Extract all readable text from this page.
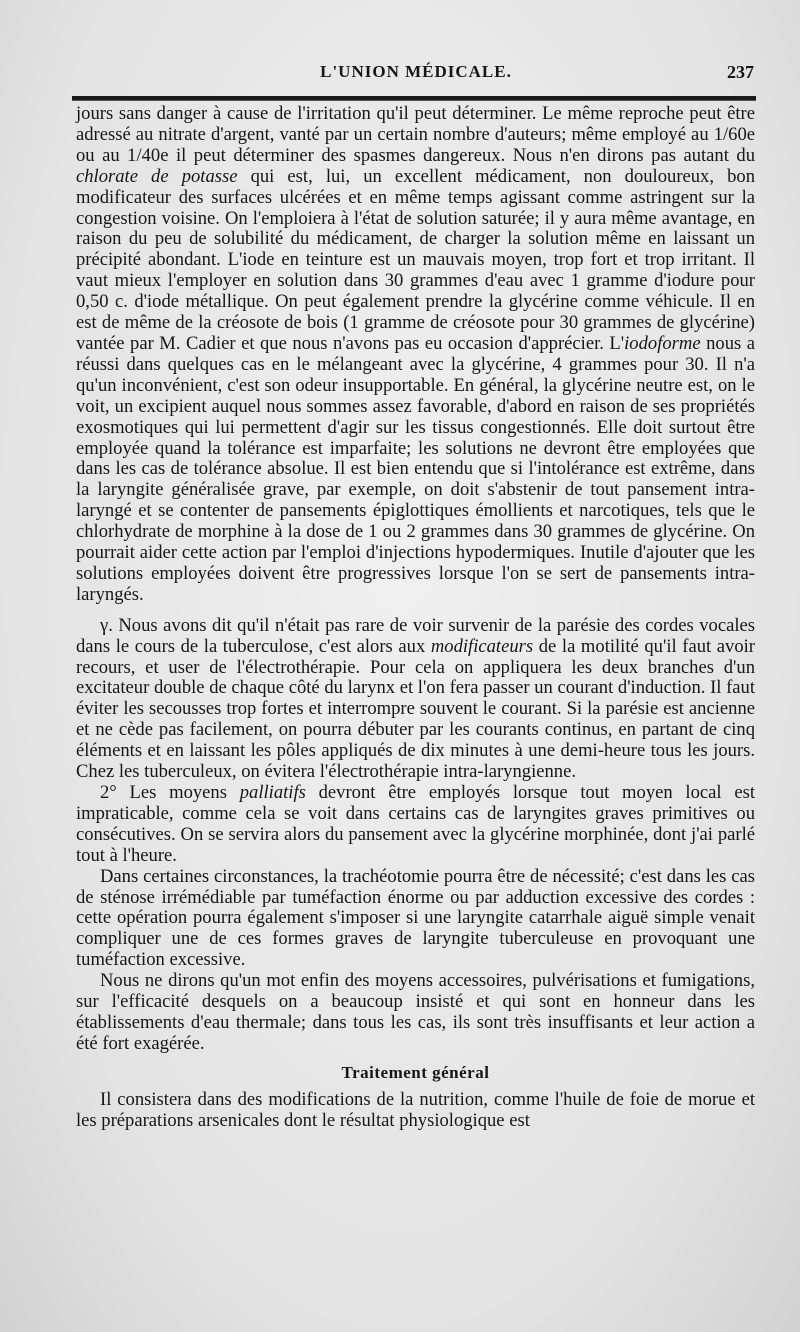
L'UNION MÉDICALE.	237

jours sans danger à cause de l'irritation qu'il peut déterminer. Le même reproche peut être adressé au nitrate d'argent, vanté par un certain nombre d'auteurs; même employé au 1/60e ou au 1/40e il peut déterminer des spasmes dangereux. Nous n'en dirons pas autant du chlorate de potasse qui est, lui, un excellent médicament, non douloureux, bon modificateur des surfaces ulcérées et en même temps agissant comme astringent sur la congestion voisine. On l'emploiera à l'état de solution saturée; il y aura même avantage, en raison du peu de solubilité du médicament, de charger la solution même en laissant un précipité abondant. L'iode en teinture est un mauvais moyen, trop fort et trop irritant. Il vaut mieux l'employer en solution dans 30 grammes d'eau avec 1 gramme d'iodure pour 0,50 c. d'iode métallique. On peut également prendre la glycérine comme véhicule. Il en est de même de la créosote de bois (1 gramme de créosote pour 30 grammes de glycérine) vantée par M. Cadier et que nous n'avons pas eu occasion d'apprécier. L'iodoforme nous a réussi dans quelques cas en le mélangeant avec la glycérine, 4 grammes pour 30. Il n'a qu'un inconvénient, c'est son odeur insupportable. En général, la glycérine neutre est, on le voit, un excipient auquel nous sommes assez favorable, d'abord en raison de ses propriétés exosmotiques qui lui permettent d'agir sur les tissus congestionnés. Elle doit surtout être employée quand la tolérance est imparfaite; les solutions ne devront être employées que dans les cas de tolérance absolue. Il est bien entendu que si l'intolérance est extrême, dans la laryngite généralisée grave, par exemple, on doit s'abstenir de tout pansement intra-laryngé et se contenter de pansements épiglottiques émollients et narcotiques, tels que le chlorhydrate de morphine à la dose de 1 ou 2 grammes dans 30 grammes de glycérine. On pourrait aider cette action par l'emploi d'injections hypodermiques. Inutile d'ajouter que les solutions employées doivent être progressives lorsque l'on se sert de pansements intra-laryngés.

γ. Nous avons dit qu'il n'était pas rare de voir survenir de la parésie des cordes vocales dans le cours de la tuberculose, c'est alors aux modificateurs de la motilité qu'il faut avoir recours, et user de l'électrothérapie. Pour cela on appliquera les deux branches d'un excitateur double de chaque côté du larynx et l'on fera passer un courant d'induction. Il faut éviter les secousses trop fortes et interrompre souvent le courant. Si la parésie est ancienne et ne cède pas facilement, on pourra débuter par les courants continus, en partant de cinq éléments et en laissant les pôles appliqués de dix minutes à une demi-heure tous les jours. Chez les tuberculeux, on évitera l'électrothérapie intra-laryngienne.

2° Les moyens palliatifs devront être employés lorsque tout moyen local est impraticable, comme cela se voit dans certains cas de laryngites graves primitives ou consécutives. On se servira alors du pansement avec la glycérine morphinée, dont j'ai parlé tout à l'heure.

Dans certaines circonstances, la trachéotomie pourra être de nécessité; c'est dans les cas de sténose irrémédiable par tuméfaction énorme ou par adduction excessive des cordes : cette opération pourra également s'imposer si une laryngite catarrhale aiguë simple venait compliquer une de ces formes graves de laryngite tuberculeuse en provoquant une tuméfaction excessive.

Nous ne dirons qu'un mot enfin des moyens accessoires, pulvérisations et fumigations, sur l'efficacité desquels on a beaucoup insisté et qui sont en honneur dans les établissements d'eau thermale; dans tous les cas, ils sont très insuffisants et leur action a été fort exagérée.

Traitement général

Il consistera dans des modifications de la nutrition, comme l'huile de foie de morue et les préparations arsenicales dont le résultat physiologique est
